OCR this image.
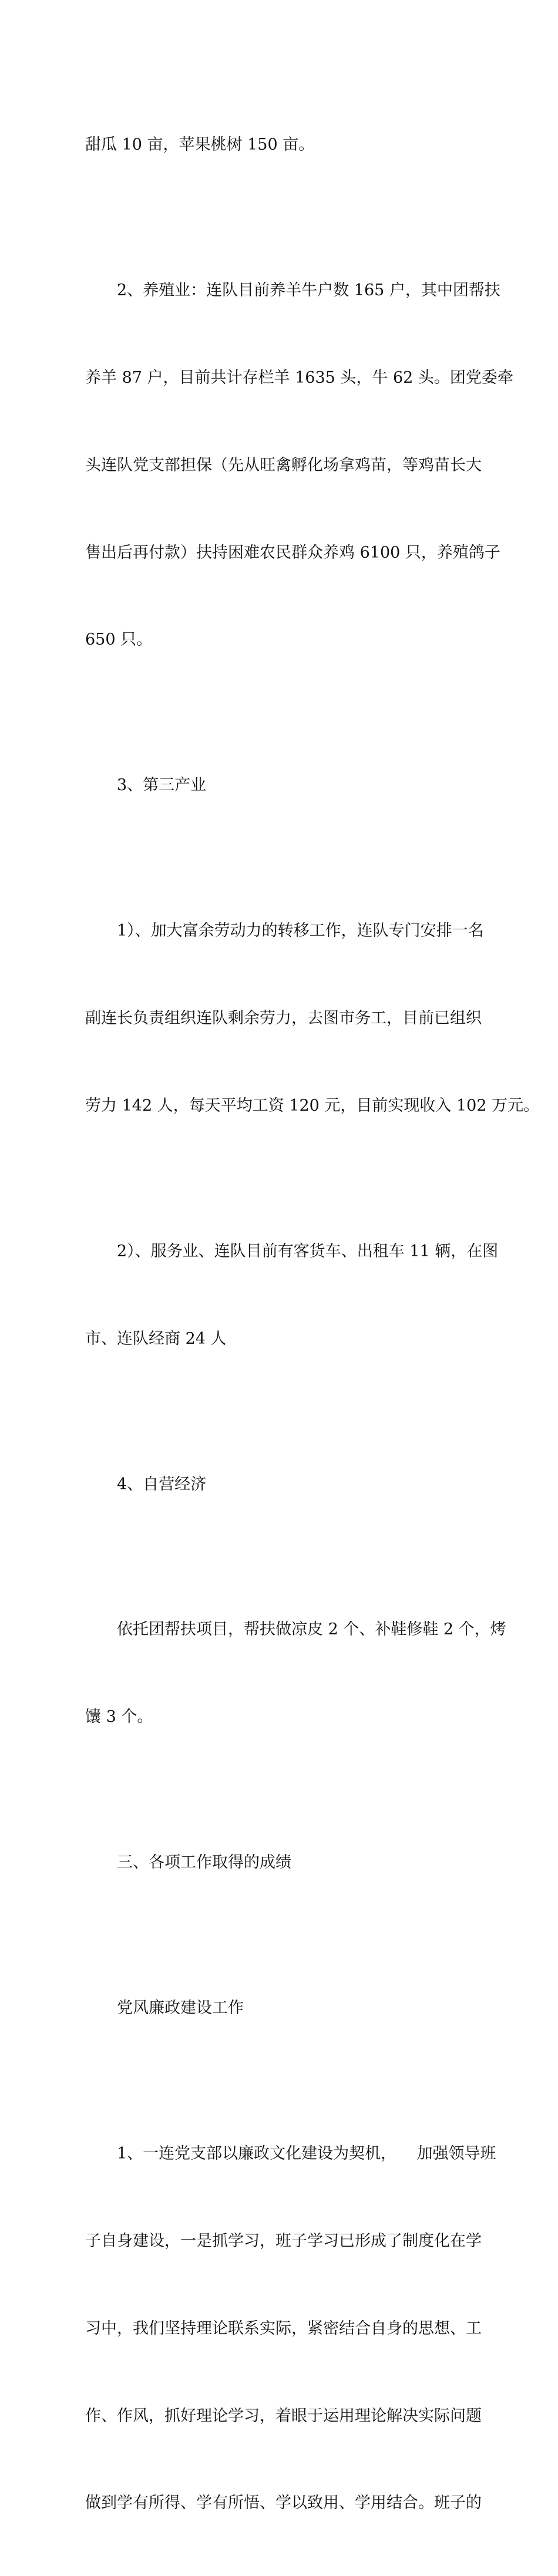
甜瓜 10 亩，苹果桃树 150 亩。

2、养殖业：连队目前养羊牛户数 165 户，其中团帮扶

养羊 87 户，目前共计存栏羊 1635 头，牛 62 头。团党委牵

头连队党支部担保（先从旺禽孵化场拿鸡苗，等鸡苗长大

售出后再付款）扶持困难农民群众养鸡 6100 只，养殖鸽子

650 只。

3、第三产业

1）、加大富余劳动力的转移工作，连队专门安排一名

副连长负责组织连队剩余劳力，去图市务工，目前已组织

劳力 142 人，每天平均工资 120 元，目前实现收入 102 万元。

2）、服务业、连队目前有客货车、出租车 11 辆，在图

市、连队经商 24 人

4、自营经济

依托团帮扶项目，帮扶做凉皮 2 个、补鞋修鞋 2 个，烤

馕 3 个。

三、各项工作取得的成绩

党风廉政建设工作

1、一连党支部以廉政文化建设为契机，    加强领导班

子自身建设，一是抓学习，班子学习已形成了制度化在学

习中，我们坚持理论联系实际，紧密结合自身的思想、工

作、作风，抓好理论学习，着眼于运用理论解决实际问题

做到学有所得、学有所悟、学以致用、学用结合。班子的
